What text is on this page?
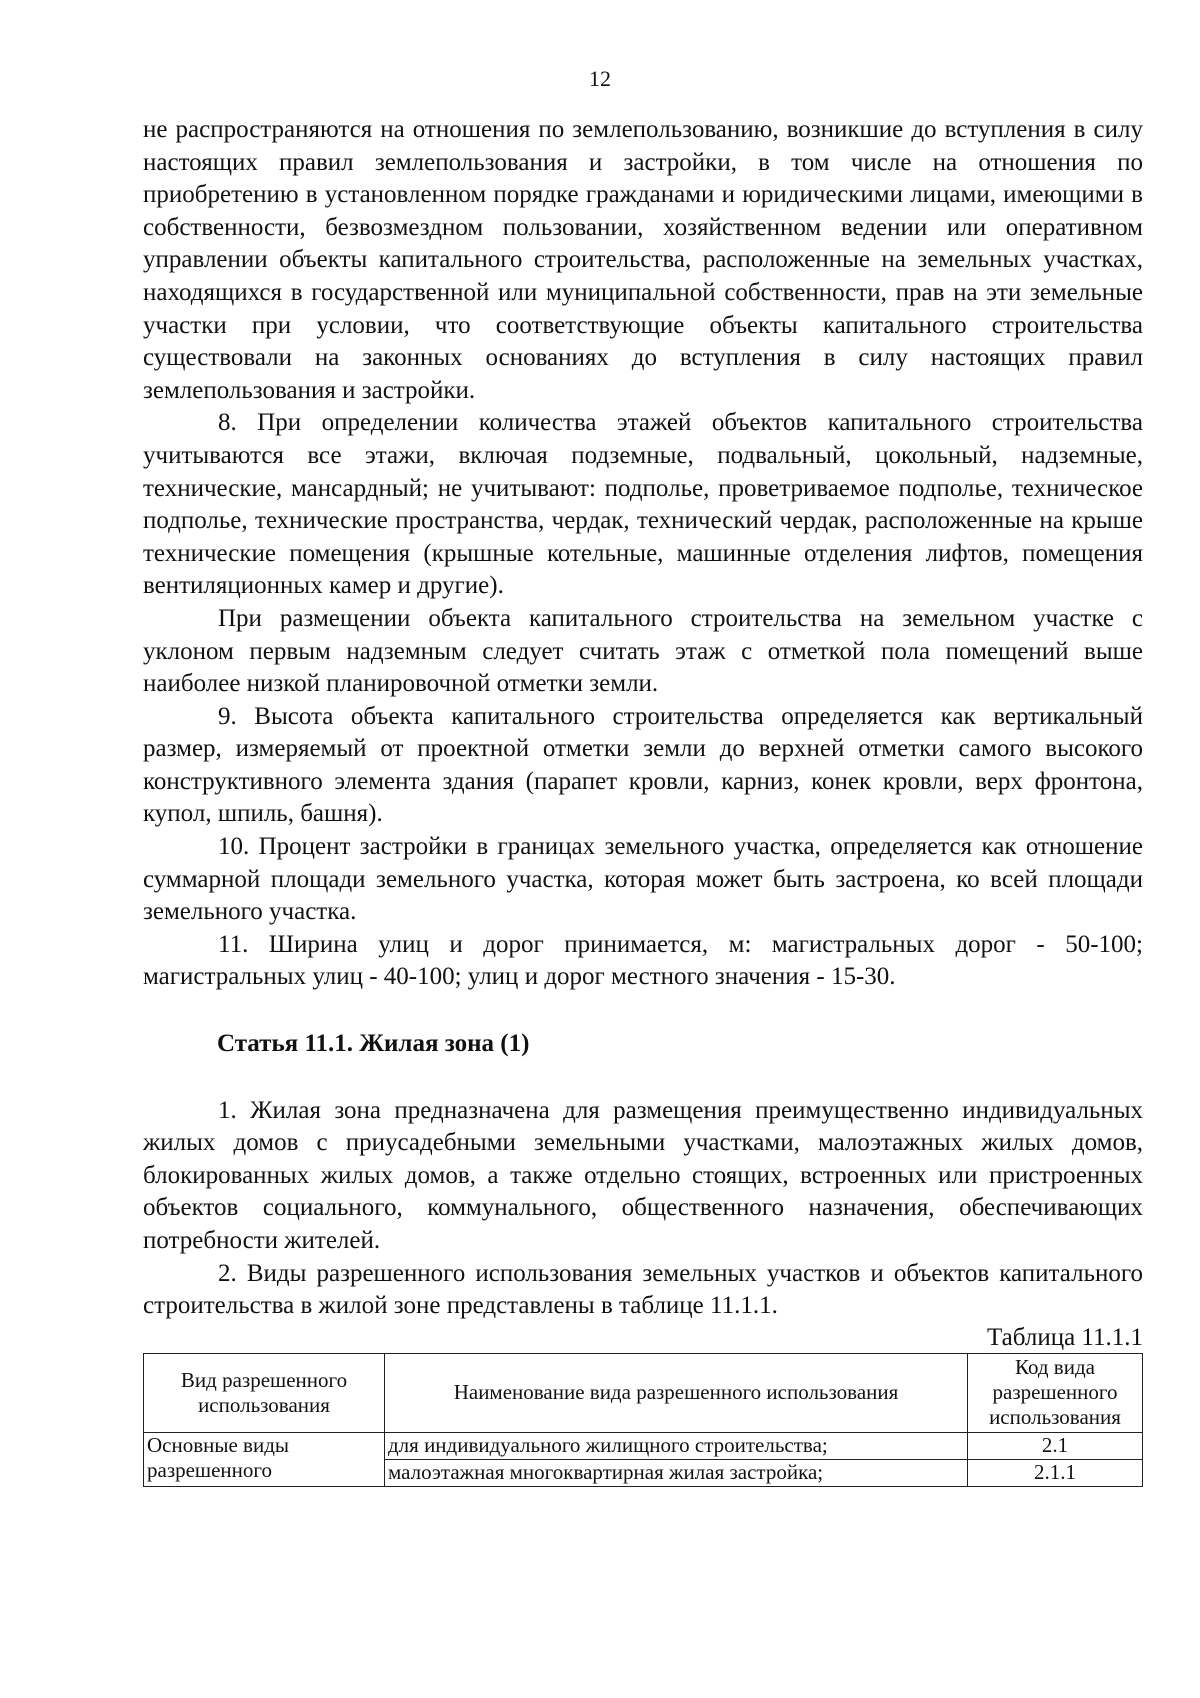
12

не распространяются на отношения по землепользованию, возникшие до вступления в силу настоящих правил землепользования и застройки, в том числе на отношения по приобретению в установленном порядке гражданами и юридическими лицами, имеющими в собственности, безвозмездном пользовании, хозяйственном ведении или оперативном управлении объекты капитального строительства, расположенные на земельных участках, находящихся в государственной или муниципальной собственности, прав на эти земельные участки при условии, что соответствующие объекты капитального строительства существовали на законных основаниях до вступления в силу настоящих правил землепользования и застройки.

8. При определении количества этажей объектов капитального строительства учитываются все этажи, включая подземные, подвальный, цокольный, надземные, технические, мансардный; не учитывают: подполье, проветриваемое подполье, техническое подполье, технические пространства, чердак, технический чердак, расположенные на крыше технические помещения (крышные котельные, машинные отделения лифтов, помещения вентиляционных камер и другие).

При размещении объекта капитального строительства на земельном участке с уклоном первым надземным следует считать этаж с отметкой пола помещений выше наиболее низкой планировочной отметки земли.

9. Высота объекта капитального строительства определяется как вертикальный размер, измеряемый от проектной отметки земли до верхней отметки самого высокого конструктивного элемента здания (парапет кровли, карниз, конек кровли, верх фронтона, купол, шпиль, башня).

10. Процент застройки в границах земельного участка, определяется как отношение суммарной площади земельного участка, которая может быть застроена, ко всей площади земельного участка.

11. Ширина улиц и дорог принимается, м: магистральных дорог - 50-100; магистральных улиц - 40-100; улиц и дорог местного значения - 15-30.

Статья 11.1. Жилая зона (1)

1. Жилая зона предназначена для размещения преимущественно индивидуальных жилых домов с приусадебными земельными участками, малоэтажных жилых домов, блокированных жилых домов, а также отдельно стоящих, встроенных или пристроенных объектов социального, коммунального, общественного назначения, обеспечивающих потребности жителей.

2. Виды разрешенного использования земельных участков и объектов капитального строительства в жилой зоне представлены в таблице 11.1.1.

Таблица 11.1.1

Вид разрешенного использования	Наименование вида разрешенного использования	Код вида разрешенного использования
Основные виды разрешенного	для индивидуального жилищного строительства;	2.1
	малоэтажная многоквартирная жилая застройка;	2.1.1
